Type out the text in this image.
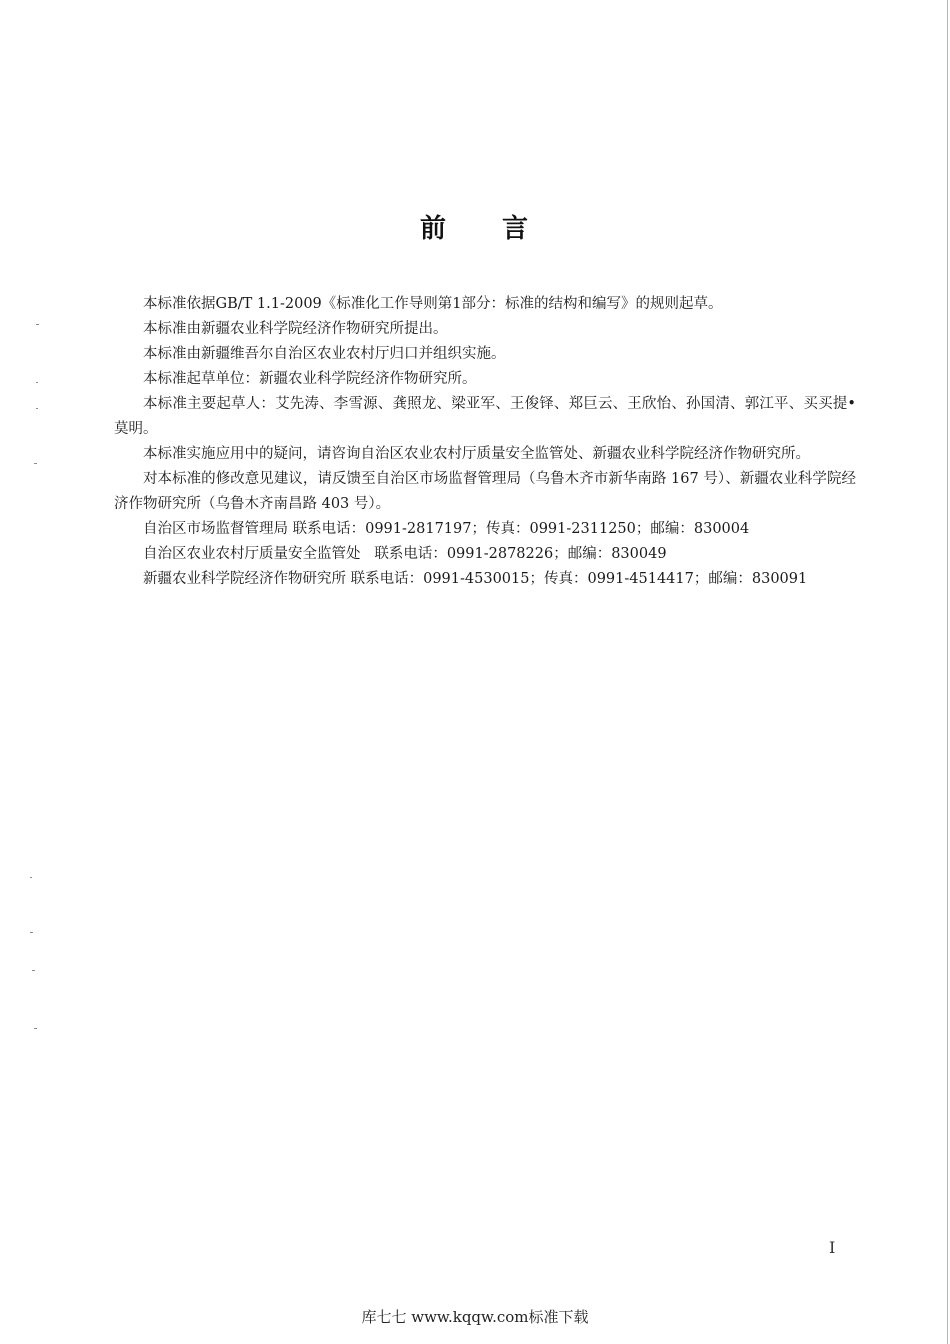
前 言

本标准依据GB/T 1.1-2009《标准化工作导则第1部分：标准的结构和编写》的规则起草。

本标准由新疆农业科学院经济作物研究所提出。

本标准由新疆维吾尔自治区农业农村厅归口并组织实施。

本标准起草单位：新疆农业科学院经济作物研究所。

本标准主要起草人：艾先涛、李雪源、龚照龙、梁亚军、王俊铎、郑巨云、王欣怡、孙国清、郭江平、买买提•莫明。

本标准实施应用中的疑问，请咨询自治区农业农村厅质量安全监管处、新疆农业科学院经济作物研究所。

对本标准的修改意见建议，请反馈至自治区市场监督管理局（乌鲁木齐市新华南路 167 号）、新疆农业科学院经济作物研究所（乌鲁木齐南昌路 403 号）。

自治区市场监督管理局 联系电话：0991-2817197；传真：0991-2311250；邮编：830004

自治区农业农村厅质量安全监管处   联系电话：0991-2878226；邮编：830049

新疆农业科学院经济作物研究所 联系电话：0991-4530015；传真：0991-4514417；邮编：830091

I
库七七 www.kqqw.com标准下载
